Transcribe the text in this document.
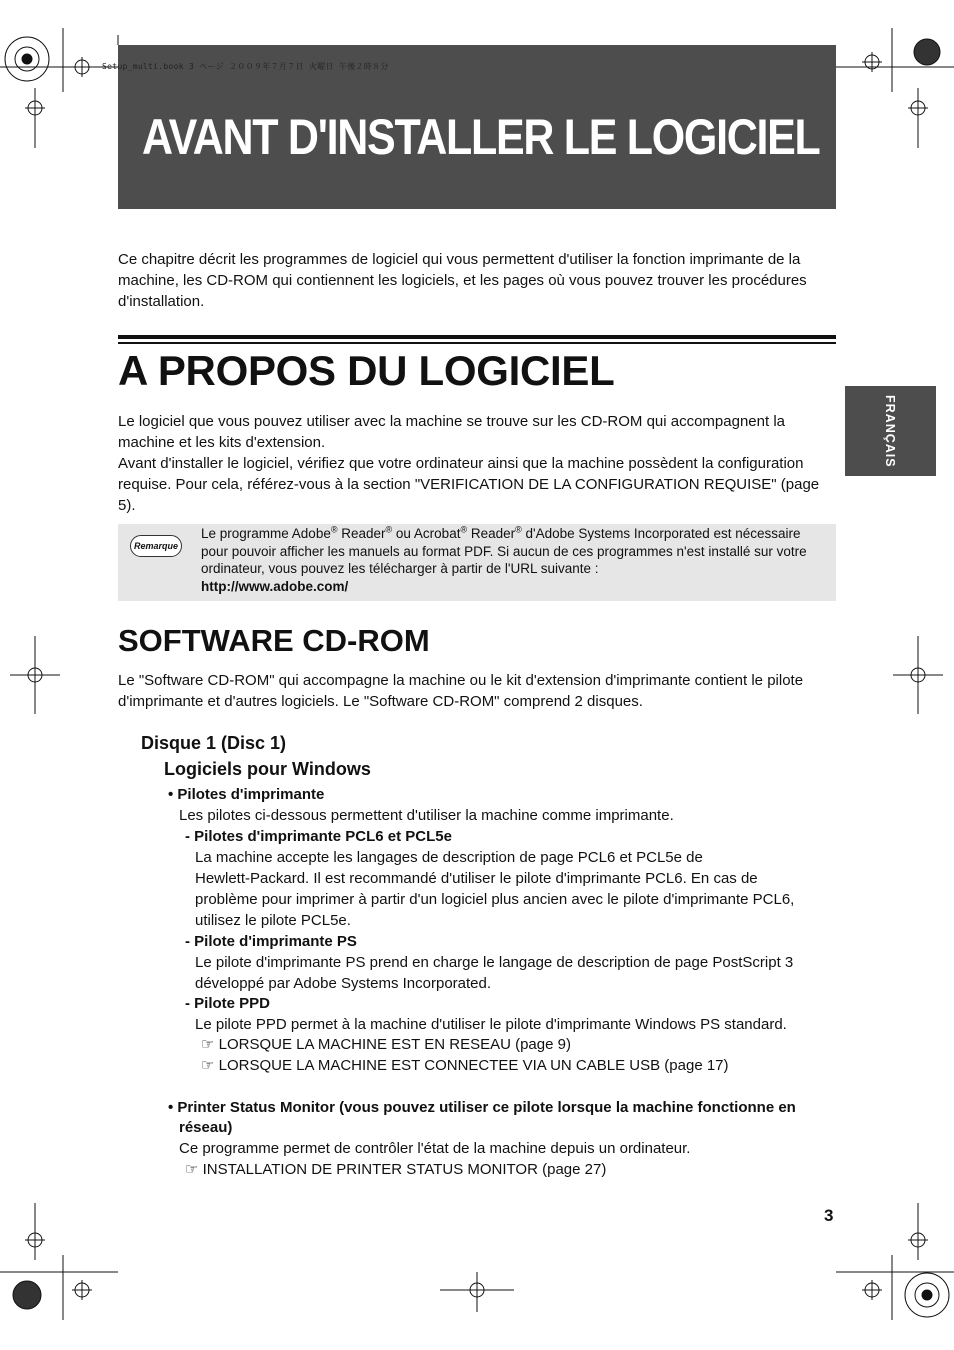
Setup_multi.book 3 ページ ２００９年７月７日 火曜日 午後２時８分
AVANT D'INSTALLER LE LOGICIEL

Ce chapitre décrit les programmes de logiciel qui vous permettent d'utiliser la fonction imprimante de la machine, les CD-ROM qui contiennent les logiciels, et les pages où vous pouvez trouver les procédures d'installation.

A PROPOS DU LOGICIEL

Le logiciel que vous pouvez utiliser avec la machine se trouve sur les CD-ROM qui accompagnent la machine et les kits d'extension.

Avant d'installer le logiciel, vérifiez que votre ordinateur ainsi que la machine possèdent la configuration requise. Pour cela, référez-vous à la section "VERIFICATION DE LA CONFIGURATION REQUISE" (page 5).

FRANÇAIS
Remarque
Le programme Adobe® Reader® ou Acrobat® Reader® d'Adobe Systems Incorporated est nécessaire pour pouvoir afficher les manuels au format PDF. Si aucun de ces programmes n'est installé sur votre ordinateur, vous pouvez les télécharger à partir de l'URL suivante :
http://www.adobe.com/
SOFTWARE CD-ROM

Le "Software CD-ROM" qui accompagne la machine ou le kit d'extension d'imprimante contient le pilote d'imprimante et d'autres logiciels. Le "Software CD-ROM" comprend 2 disques.

Disque 1 (Disc 1)
Logiciels pour Windows
• Pilotes d'imprimante
Les pilotes ci-dessous permettent d'utiliser la machine comme imprimante.
- Pilotes d'imprimante PCL6 et PCL5e
La machine accepte les langages de description de page PCL6 et PCL5e de
Hewlett-Packard. Il est recommandé d'utiliser le pilote d'imprimante PCL6. En cas de
problème pour imprimer à partir d'un logiciel plus ancien avec le pilote d'imprimante PCL6,
utilisez le pilote PCL5e.
- Pilote d'imprimante PS
Le pilote d'imprimante PS prend en charge le langage de description de page PostScript 3
développé par Adobe Systems Incorporated.
- Pilote PPD
Le pilote PPD permet à la machine d'utiliser le pilote d'imprimante Windows PS standard.
☞ LORSQUE LA MACHINE EST EN RESEAU (page 9)
☞ LORSQUE LA MACHINE EST CONNECTEE VIA UN CABLE USB (page 17)
• Printer Status Monitor (vous pouvez utiliser ce pilote lorsque la machine fonctionne en
réseau)
Ce programme permet de contrôler l'état de la machine depuis un ordinateur.
☞ INSTALLATION DE PRINTER STATUS MONITOR (page 27)
3
